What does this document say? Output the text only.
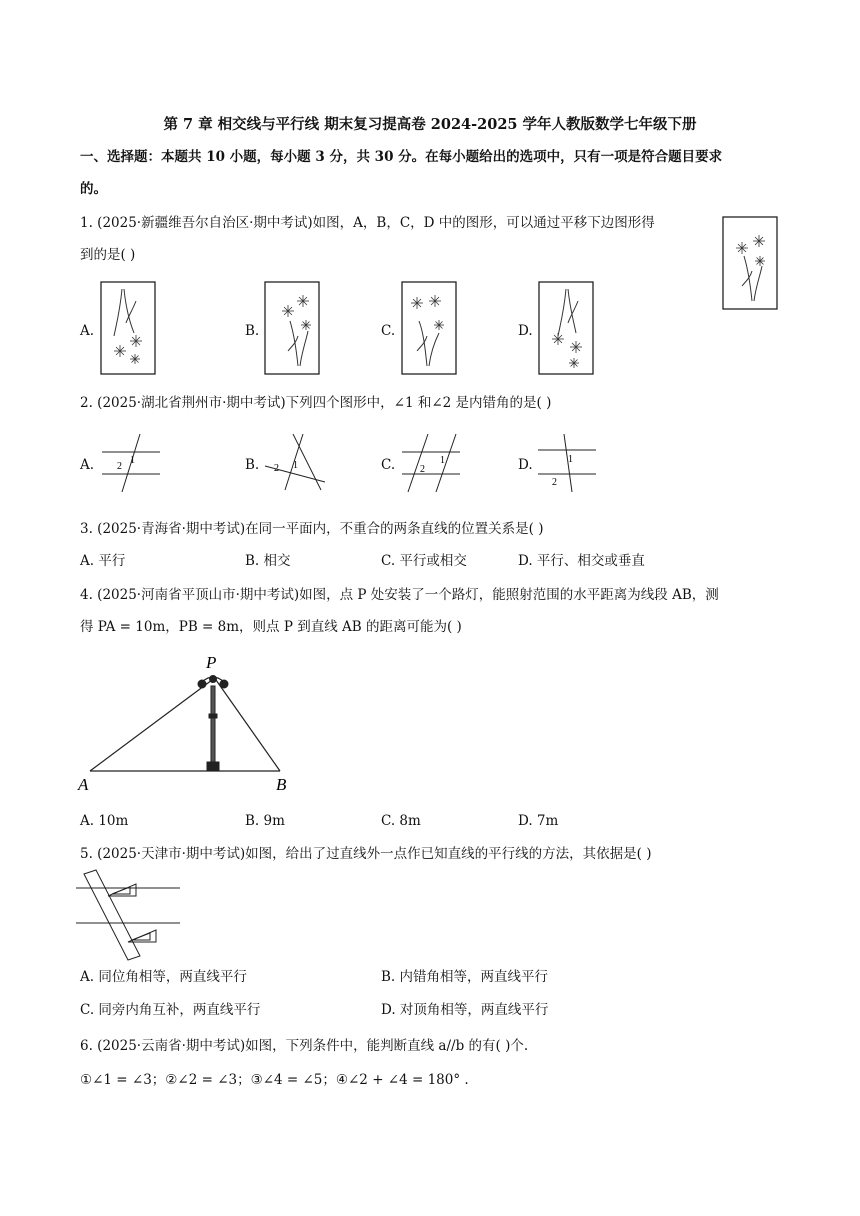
第 7 章 相交线与平行线 期末复习提高卷 2024-2025 学年人教版数学七年级下册
一、选择题：本题共 10 小题，每小题 3 分，共 30 分。在每小题给出的选项中，只有一项是符合题目要求
的。
1. (2025·新疆维吾尔自治区·期中考试)如图，A，B，C，D 中的图形，可以通过平移下边图形得
到的是( )
A.	B.	C.	D.
2. (2025·湖北省荆州市·期中考试)下列四个图形中，∠1 和∠2 是内错角的是( )
A.	1
2	B. 2 1	C.	1
2	D.	1
2
3. (2025·青海省·期中考试)在同一平面内，不重合的两条直线的位置关系是( )
A. 平行	B. 相交	C. 平行或相交	D. 平行、相交或垂直
4. (2025·河南省平顶山市·期中考试)如图，点 P 处安装了一个路灯，能照射范围的水平距离为线段 AB，测
得 PA = 10m，PB = 8m，则点 P 到直线 AB 的距离可能为( )
P
A	B
A. 10m	B. 9m	C. 8m	D. 7m
5. (2025·天津市·期中考试)如图，给出了过直线外一点作已知直线的平行线的方法，其依据是( )
A. 同位角相等，两直线平行	B. 内错角相等，两直线平行
C. 同旁内角互补，两直线平行	D. 对顶角相等，两直线平行
6. (2025·云南省·期中考试)如图，下列条件中，能判断直线 a//b 的有( )个.
①∠1 = ∠3；②∠2 = ∠3；③∠4 = ∠5；④∠2 + ∠4 = 180° .
